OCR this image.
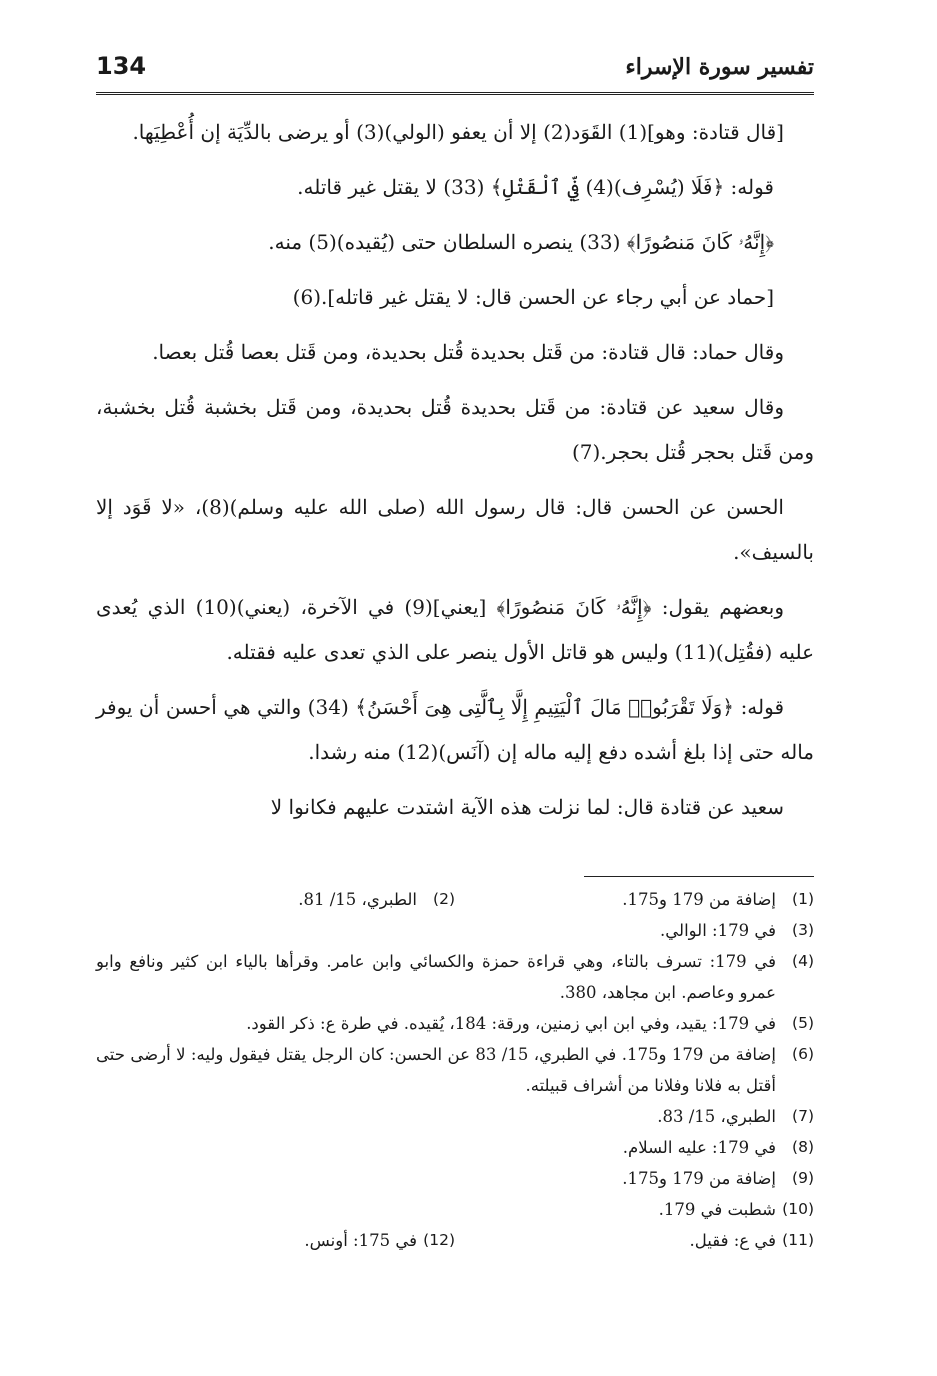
تفسير سورة الإسراء
134

[قال قتادة: وهو](1) القَوَد(2) إلا أن يعفو (الولي)(3) أو يرضى بالدِّيَة إن أُعْطِيَها.

قوله: ﴿فَلَا (يُسْرِف)(4) فِّي ٱلْقَتْلِ﴾ (33) لا يقتل غير قاتله.

﴿إِنَّهُۥ كَانَ مَنصُورًا﴾ (33) ينصره السلطان حتى (يُقيده)(5) منه.

[حماد عن أبي رجاء عن الحسن قال: لا يقتل غير قاتله].(6)

وقال حماد: قال قتادة: من قَتل بحديدة قُتل بحديدة، ومن قَتل بعصا قُتل بعصا.

وقال سعيد عن قتادة: من قَتل بحديدة قُتل بحديدة، ومن قَتل بخشبة قُتل بخشبة، ومن قَتل بحجر قُتل بحجر.(7)

الحسن عن الحسن قال: قال رسول الله (صلى الله عليه وسلم)(8)، «لا قَوَد إلا بالسيف».

وبعضهم يقول: ﴿إِنَّهُۥ كَانَ مَنصُورًا﴾ [يعني](9) في الآخرة، (يعني)(10) الذي يُعدى عليه (فقُتِل)(11) وليس هو قاتل الأول ينصر على الذي تعدى عليه فقتله.

قوله: ﴿وَلَا تَقْرَبُوا۟ مَالَ ٱلْيَتِيمِ إِلَّا بِٱلَّتِى هِىَ أَحْسَنُ﴾ (34) والتي هي أحسن أن يوفر ماله حتى إذا بلغ أشده دفع إليه ماله إن (آنَس)(12) منه رشدا.

سعيد عن قتادة قال: لما نزلت هذه الآية اشتدت عليهم فكانوا لا

(1)
إضافة من 179 و175.
(2)
الطبري، 15/ 81.
(3)
في 179: الوالي.
(4)
في 179: تسرف بالتاء، وهي قراءة حمزة والكسائي وابن عامر. وقرأها بالياء ابن كثير ونافع وابو عمرو وعاصم. ابن مجاهد، 380.
(5)
في 179: يقيد، وفي ابن ابي زمنين، ورقة: 184، يُقيده. في طرة ع: ذكر القود.
(6)
إضافة من 179 و175. في الطبري، 15/ 83 عن الحسن: كان الرجل يقتل فيقول وليه: لا أرضى حتى أقتل به فلانا وفلانا من أشراف قبيلته.
(7)
الطبري، 15/ 83.
(8)
في 179: عليه السلام.
(9)
إضافة من 179 و175.
(10)
شطبت في 179.
(11)
في ع: فقيل.
(12)
في 175: أونس.
